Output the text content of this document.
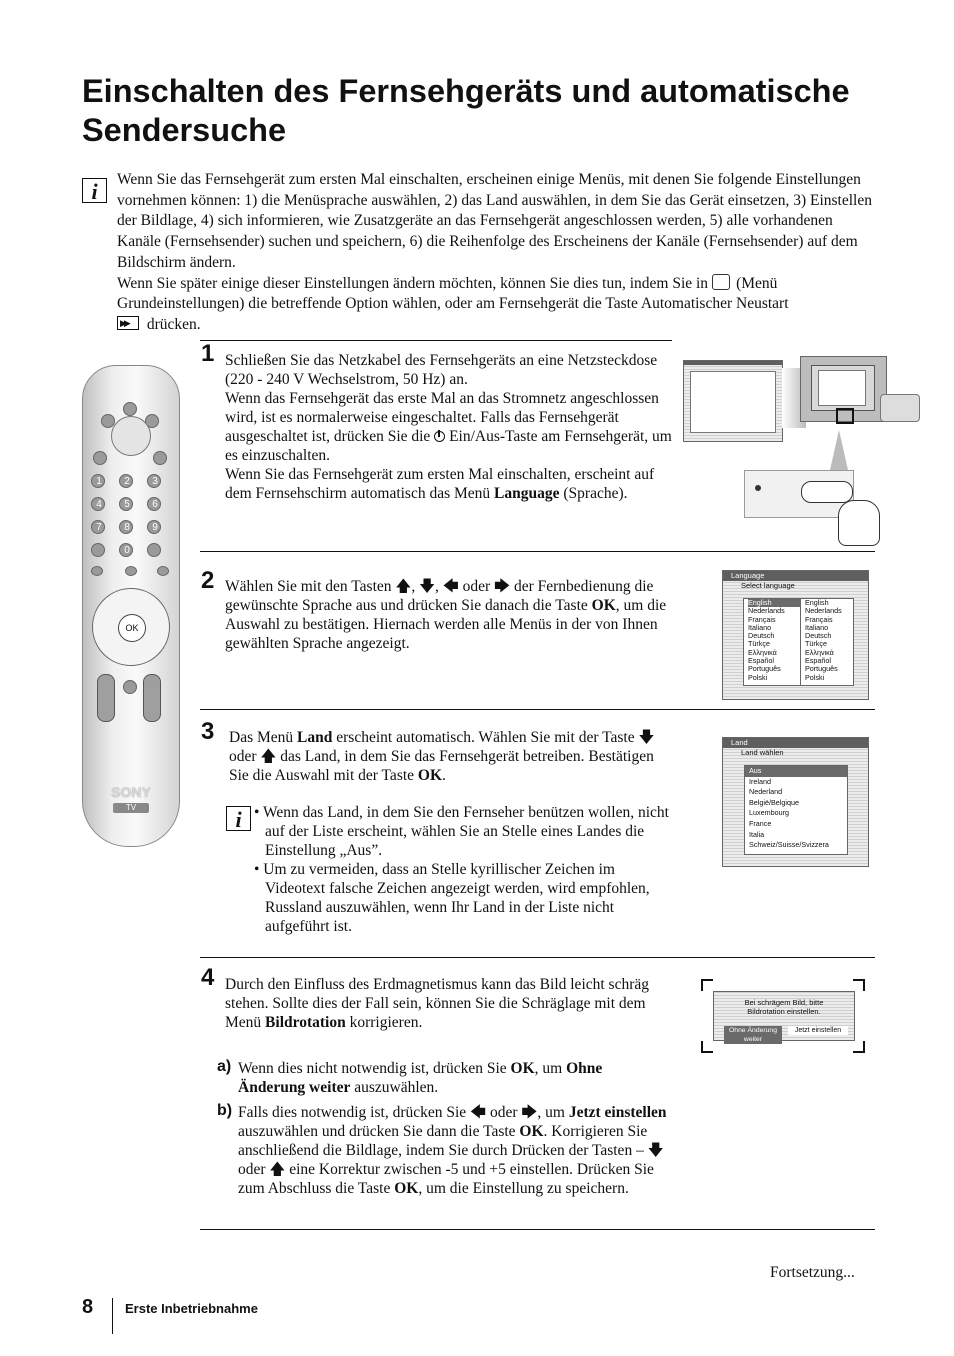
Einschalten des Fernsehgeräts und automatische Sendersuche
i	Wenn Sie das Fernsehgerät zum ersten Mal einschalten, erscheinen einige Menüs, mit denen Sie folgende Einstellungen vornehmen können: 1) die Menüsprache auswählen, 2) das Land auswählen, in dem Sie das Gerät einsetzen, 3) Einstellen der Bildlage, 4) sich informieren, wie Zusatzgeräte an das Fernsehgerät angeschlossen werden, 5) alle vorhandenen Kanäle (Fernsehsender) suchen und speichern, 6) die Reihenfolge des Erscheinens der Kanäle (Fernsehsender) auf dem Bildschirm ändern.

Wenn Sie später einige dieser Einstellungen ändern möchten, können Sie dies tun, indem Sie in (Menü Grundeinstellungen) die betreffende Option wählen, oder am Fernsehgerät die Taste Automatischer Neustart
▶▶ drücken.

1	2	3
4	5	6
7	8	9
0
OK
SONY
TV
1 Schließen Sie das Netzkabel des Fernsehgeräts an eine Netzsteckdose (220 - 240 V Wechselstrom, 50 Hz) an.

Wenn das Fernsehgerät das erste Mal an das Stromnetz angeschlossen wird, ist es normalerweise eingeschaltet. Falls das Fernsehgerät ausgeschaltet ist, drücken Sie die Ein/Aus-Taste am Fernsehgerät, um es einzuschalten.

Wenn Sie das Fernsehgerät zum ersten Mal einschalten, erscheint auf dem Fernsehschirm automatisch das Menü Language (Sprache).

2 Wählen Sie mit den Tasten 🡅, 🡇, 🡄 oder 🡆 der Fernbedienung die gewünschte Sprache aus und drücken Sie danach die Taste OK, um die Auswahl zu bestätigen. Hiernach werden alle Menüs in der von Ihnen gewählten Sprache angezeigt.

Language
Select language
English
Nederlands
Français
Italiano
Deutsch
Türkçe
Ελληνικά
Español
Português
Polski
English
Nederlands
Français
Italiano
Deutsch
Türkçe
Ελληνικά
Español
Português
Polski
3 Das Menü Land erscheint automatisch. Wählen Sie mit der Taste 🡇 oder 🡅 das Land, in dem Sie das Fernsehgerät betreiben. Bestätigen Sie die Auswahl mit der Taste OK.

i • Wenn das Land, in dem Sie den Fernseher benützen wollen, nicht auf der Liste erscheint, wählen Sie an Stelle eines Landes die Einstellung „Aus”.
• Um zu vermeiden, dass an Stelle kyrillischer Zeichen im Videotext falsche Zeichen angezeigt werden, wird empfohlen, Russland auszuwählen, wenn Ihr Land in der Liste nicht aufgeführt ist.
Land
Land wählen
Aus
Ireland
Nederland
België/Belgique
Luxembourg
France
Italia
Schweiz/Suisse/Svizzera
4 Durch den Einfluss des Erdmagnetismus kann das Bild leicht schräg stehen. Sollte dies der Fall sein, können Sie die Schräglage mit dem Menü Bildrotation korrigieren.

a) Wenn dies nicht notwendig ist, drücken Sie OK, um Ohne Änderung weiter auszuwählen.

b) Falls dies notwendig ist, drücken Sie 🡄 oder 🡆, um Jetzt einstellen auszuwählen und drücken Sie dann die Taste OK. Korrigieren Sie anschließend die Bildlage, indem Sie durch Drücken der Tasten – 🡇 oder 🡅 eine Korrektur zwischen -5 und +5 einstellen. Drücken Sie zum Abschluss die Taste OK, um die Einstellung zu speichern.

Bei schrägem Bild, bitte
Bildrotation einstellen.
Ohne Änderung weiter
Jetzt einstellen
Fortsetzung...
8 Erste Inbetriebnahme
